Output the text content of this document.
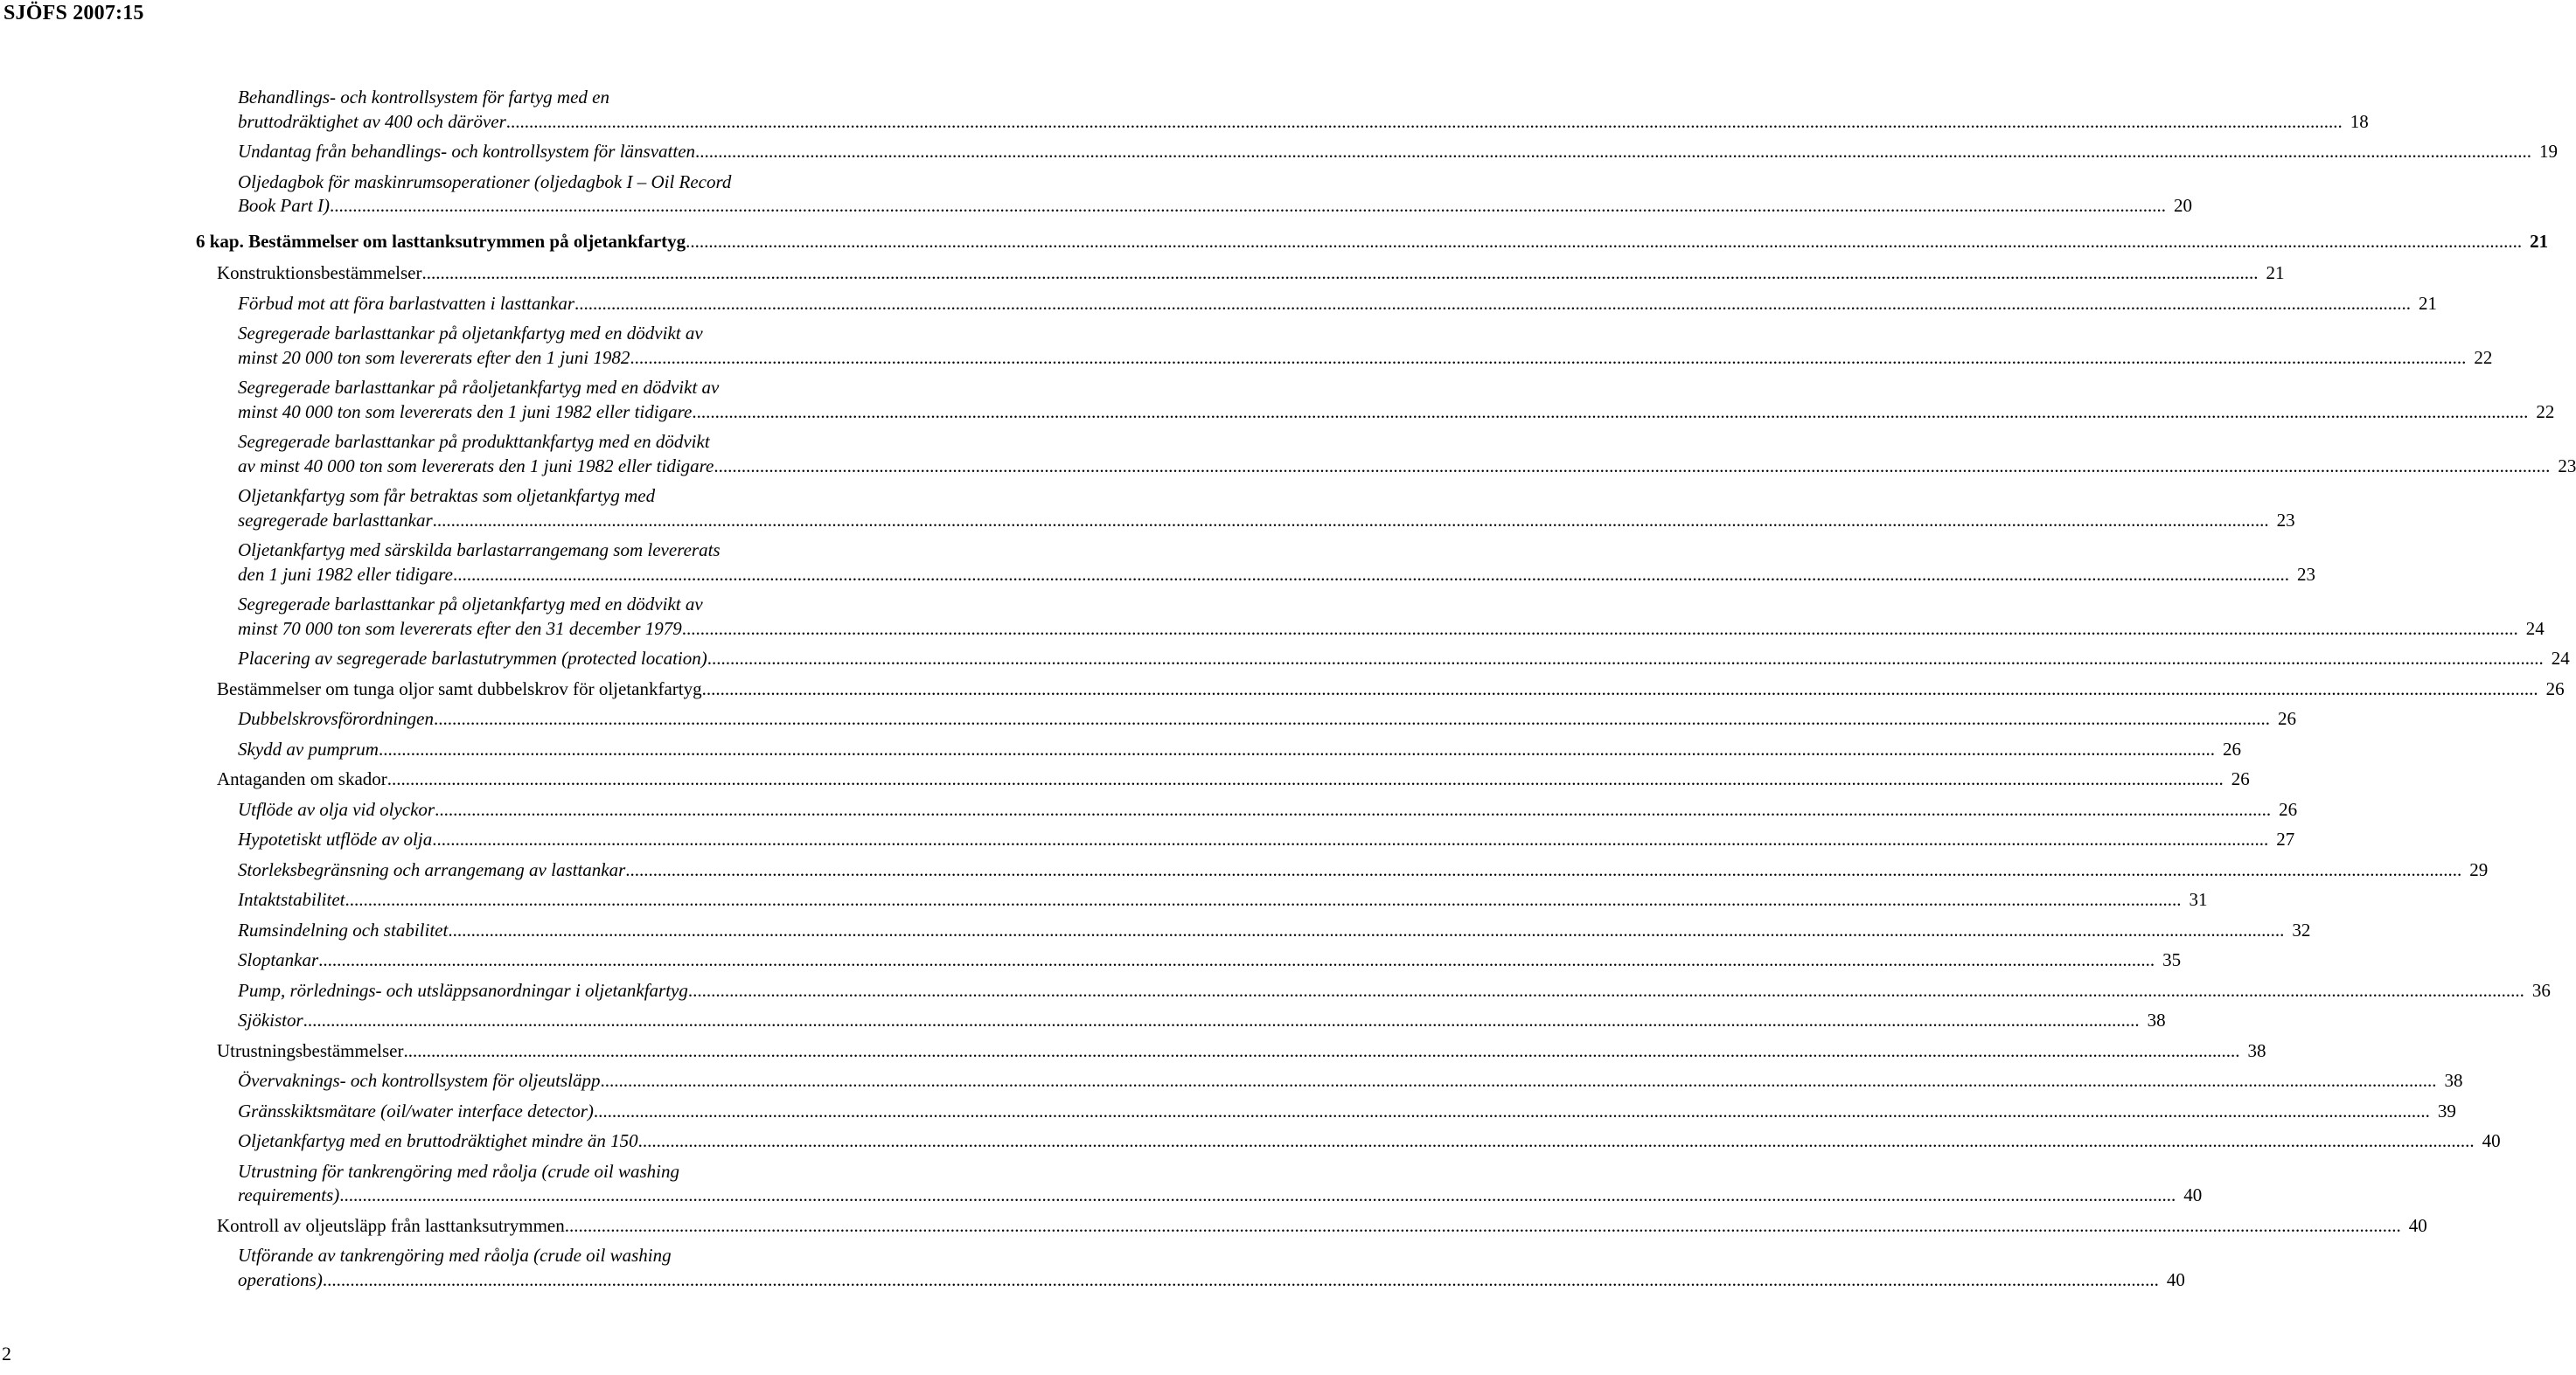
SJÖFS 2007:15
Behandlings- och kontrollsystem för fartyg med en
bruttodräktighet av 400 och däröver ................................................................................................................................................................................................................................................................................................................................................................................................................ 18
Undantag från behandlings- och kontrollsystem för länsvatten ................................................................................................................................................................................................................................................................................................................................................................................................................ 19
Oljedagbok för maskinrumsoperationer (oljedagbok I – Oil Record
Book Part I) ................................................................................................................................................................................................................................................................................................................................................................................................................ 20
6 kap. Bestämmelser om lasttanksutrymmen på oljetankfartyg ................................................................................................................................................................................................................................................................................................................................................................................................................ 21
Konstruktionsbestämmelser ................................................................................................................................................................................................................................................................................................................................................................................................................ 21
Förbud mot att föra barlastvatten i lasttankar ................................................................................................................................................................................................................................................................................................................................................................................................................ 21
Segregerade barlasttankar på oljetankfartyg med en dödvikt av
minst 20 000 ton som levererats efter den 1 juni 1982 ................................................................................................................................................................................................................................................................................................................................................................................................................ 22
Segregerade barlasttankar på råoljetankfartyg med en dödvikt av
minst 40 000 ton som levererats den 1 juni 1982 eller tidigare ................................................................................................................................................................................................................................................................................................................................................................................................................ 22
Segregerade barlasttankar på produkttankfartyg med en dödvikt
av minst 40 000 ton som levererats den 1 juni 1982 eller tidigare ................................................................................................................................................................................................................................................................................................................................................................................................................ 23
Oljetankfartyg som får betraktas som oljetankfartyg med
segregerade barlasttankar ................................................................................................................................................................................................................................................................................................................................................................................................................ 23
Oljetankfartyg med särskilda barlastarrangemang som levererats
den 1 juni 1982 eller tidigare ................................................................................................................................................................................................................................................................................................................................................................................................................ 23
Segregerade barlasttankar på oljetankfartyg med en dödvikt av
minst 70 000 ton som levererats efter den 31 december 1979 ................................................................................................................................................................................................................................................................................................................................................................................................................ 24
Placering av segregerade barlastutrymmen (protected location) ................................................................................................................................................................................................................................................................................................................................................................................................................ 24
Bestämmelser om tunga oljor samt dubbelskrov för oljetankfartyg ................................................................................................................................................................................................................................................................................................................................................................................................................ 26
Dubbelskrovsförordningen ................................................................................................................................................................................................................................................................................................................................................................................................................ 26
Skydd av pumprum ................................................................................................................................................................................................................................................................................................................................................................................................................ 26
Antaganden om skador ................................................................................................................................................................................................................................................................................................................................................................................................................ 26
Utflöde av olja vid olyckor ................................................................................................................................................................................................................................................................................................................................................................................................................ 26
Hypotetiskt utflöde av olja ................................................................................................................................................................................................................................................................................................................................................................................................................ 27
Storleksbegränsning och arrangemang av lasttankar ................................................................................................................................................................................................................................................................................................................................................................................................................ 29
Intaktstabilitet ................................................................................................................................................................................................................................................................................................................................................................................................................ 31
Rumsindelning och stabilitet ................................................................................................................................................................................................................................................................................................................................................................................................................ 32
Sloptankar ................................................................................................................................................................................................................................................................................................................................................................................................................ 35
Pump, rörlednings- och utsläppsanordningar i oljetankfartyg ................................................................................................................................................................................................................................................................................................................................................................................................................ 36
Sjökistor ................................................................................................................................................................................................................................................................................................................................................................................................................ 38
Utrustningsbestämmelser ................................................................................................................................................................................................................................................................................................................................................................................................................ 38
Övervaknings- och kontrollsystem för oljeutsläpp ................................................................................................................................................................................................................................................................................................................................................................................................................ 38
Gränsskiktsmätare (oil/water interface detector) ................................................................................................................................................................................................................................................................................................................................................................................................................ 39
Oljetankfartyg med en bruttodräktighet mindre än 150 ................................................................................................................................................................................................................................................................................................................................................................................................................ 40
Utrustning för tankrengöring med råolja (crude oil washing
requirements) ................................................................................................................................................................................................................................................................................................................................................................................................................ 40
Kontroll av oljeutsläpp från lasttanksutrymmen ................................................................................................................................................................................................................................................................................................................................................................................................................ 40
Utförande av tankrengöring med råolja (crude oil washing
operations) ................................................................................................................................................................................................................................................................................................................................................................................................................ 40
2
